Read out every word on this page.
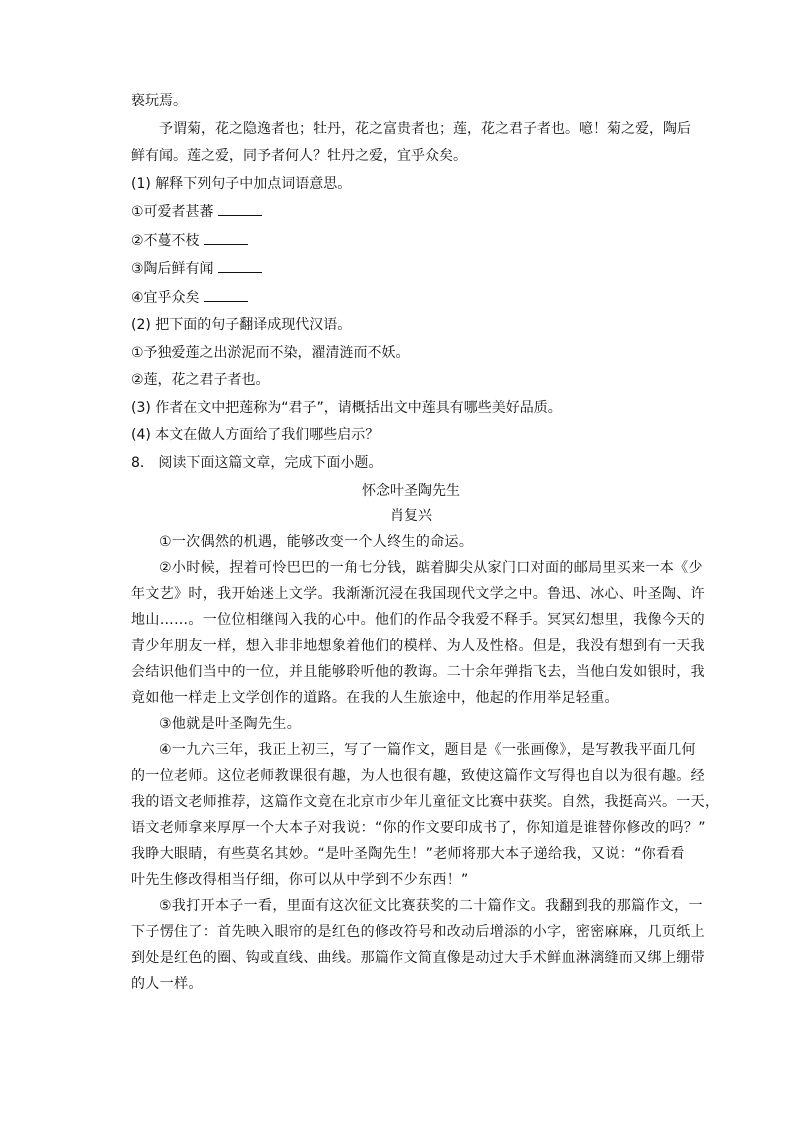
亵玩焉。
予谓菊，花之隐逸者也；牡丹，花之富贵者也；莲，花之君子者也。噫！菊之爱，陶后
鲜有闻。莲之爱，同予者何人？牡丹之爱，宜乎众矣。
(1) 解释下列句子中加点词语意思。
①可爱者甚蕃
②不蔓不枝
③陶后鲜有闻
④宜乎众矣
(2) 把下面的句子翻译成现代汉语。
①予独爱莲之出淤泥而不染，濯清涟而不妖。
②莲，花之君子者也。
(3) 作者在文中把莲称为“君子”，请概括出文中莲具有哪些美好品质。
(4) 本文在做人方面给了我们哪些启示？
8． 阅读下面这篇文章，完成下面小题。
怀念叶圣陶先生
肖复兴
①一次偶然的机遇，能够改变一个人终生的命运。
②小时候，捏着可怜巴巴的一角七分钱，踮着脚尖从家门口对面的邮局里买来一本《少
年文艺》时，我开始迷上文学。我渐渐沉浸在我国现代文学之中。鲁迅、冰心、叶圣陶、许
地山……。一位位相继闯入我的心中。他们的作品令我爱不释手。冥冥幻想里，我像今天的
青少年朋友一样，想入非非地想象着他们的模样、为人及性格。但是，我没有想到有一天我
会结识他们当中的一位，并且能够聆听他的教诲。二十余年弹指飞去，当他白发如银时，我
竟如他一样走上文学创作的道路。在我的人生旅途中，他起的作用举足轻重。
③他就是叶圣陶先生。
④一九六三年，我正上初三，写了一篇作文，题目是《一张画像》，是写教我平面几何
的一位老师。这位老师教课很有趣，为人也很有趣，致使这篇作文写得也自以为很有趣。经
我的语文老师推荐，这篇作文竟在北京市少年儿童征文比赛中获奖。自然，我挺高兴。一天，
语文老师拿来厚厚一个大本子对我说：“你的作文要印成书了，你知道是谁替你修改的吗？”
我睁大眼睛，有些莫名其妙。“是叶圣陶先生！”老师将那大本子递给我，又说：“你看看
叶先生修改得相当仔细，你可以从中学到不少东西！”
⑤我打开本子一看，里面有这次征文比赛获奖的二十篇作文。我翻到我的那篇作文，一
下子愣住了：首先映入眼帘的是红色的修改符号和改动后增添的小字，密密麻麻，几页纸上
到处是红色的圈、钩或直线、曲线。那篇作文简直像是动过大手术鲜血淋漓缝而又绑上绷带
的人一样。
